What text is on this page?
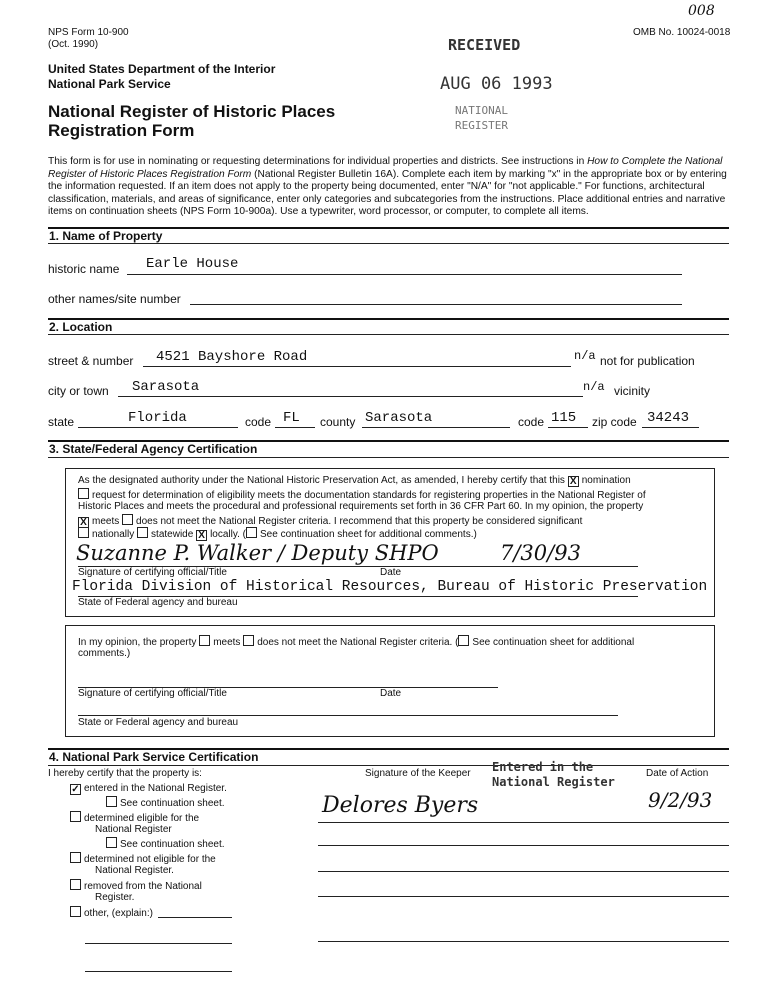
NPS Form 10-900
(Oct. 1990)
OMB No. 10024-0018
008
RECEIVED
AUG 06 1993
NATIONAL
REGISTER
United States Department of the Interior
National Park Service
National Register of Historic Places
Registration Form
This form is for use in nominating or requesting determinations for individual properties and districts. See instructions in How to Complete the National Register of Historic Places Registration Form (National Register Bulletin 16A). Complete each item by marking "x" in the appropriate box or by entering the information requested. If an item does not apply to the property being documented, enter "N/A" for "not applicable." For functions, architectural classification, materials, and areas of significance, enter only categories and subcategories from the instructions. Place additional entries and narrative items on continuation sheets (NPS Form 10-900a). Use a typewriter, word processor, or computer, to complete all items.
1. Name of Property
historic name Earle House
other names/site number
2. Location
street & number 4521 Bayshore Road	n/a not for publication
city or town Sarasota	n/a vicinity
state	Florida	code FL county Sarasota	code 115 zip code 34243
3. State/Federal Agency Certification
As the designated authority under the National Historic Preservation Act, as amended, I hereby certify that this X nomination
request for determination of eligibility meets the documentation standards for registering properties in the National Register of
Historic Places and meets the procedural and professional requirements set forth in 36 CFR Part 60. In my opinion, the property
X meets does not meet the National Register criteria. I recommend that this property be considered significant
nationally statewide X locally. ( See continuation sheet for additional comments.)
Suzanne P. Walker / Deputy SHPO	7/30/93
Signature of certifying official/Title	Date
Florida Division of Historical Resources, Bureau of Historic Preservation
State of Federal agency and bureau
In my opinion, the property meets does not meet the National Register criteria. ( See continuation sheet for additional
comments.)
Signature of certifying official/Title	Date
State or Federal agency and bureau
4. National Park Service Certification
I hereby certify that the property is:
✓ entered in the National Register.
See continuation sheet.
determined eligible for the
National Register
See continuation sheet.
determined not eligible for the
National Register.
removed from the National
Register.
other, (explain:)
Signature of the Keeper Entered in the
National Register
Date of Action
Delores Byers	9/2/93
